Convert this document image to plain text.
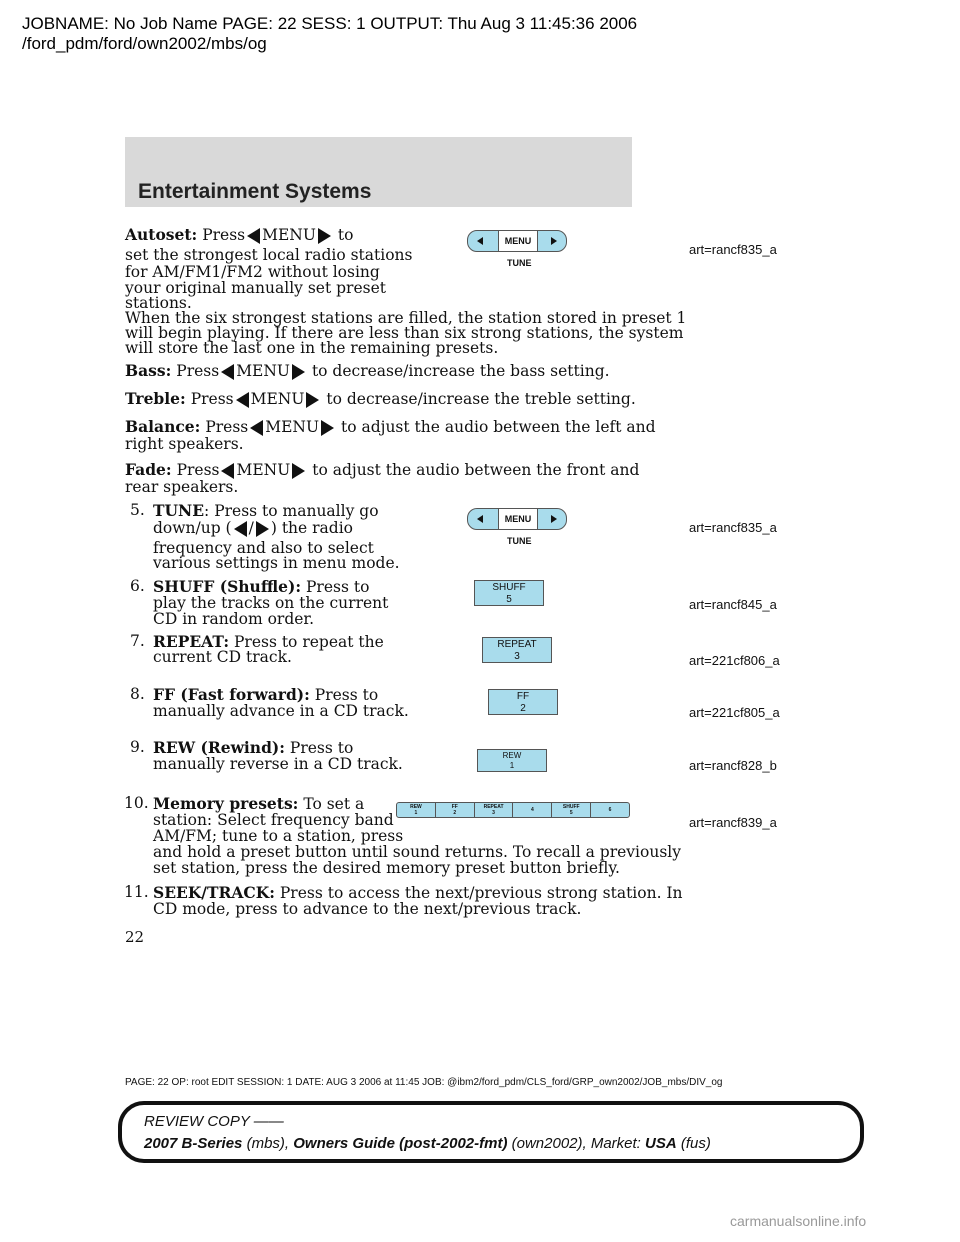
JOBNAME: No Job Name PAGE: 22 SESS: 1 OUTPUT: Thu Aug 3 11:45:36 2006
/ford_pdm/ford/own2002/mbs/og
Entertainment Systems
Autoset: Press MENU to
set the strongest local radio stations
for AM/FM1/FM2 without losing
your original manually set preset
stations.
When the six strongest stations are filled, the station stored in preset 1
will begin playing. If there are less than six strong stations, the system
will store the last one in the remaining presets.
MENU
TUNE
art=rancf835_a
Bass: Press MENU to decrease/increase the bass setting.
Treble: Press MENU to decrease/increase the treble setting.
Balance: Press MENU to adjust the audio between the left and
right speakers.
Fade: Press MENU to adjust the audio between the front and
rear speakers.
5. TUNE: Press to manually go
down/up ( / ) the radio
frequency and also to select
various settings in menu mode.
MENU
TUNE
art=rancf835_a
6. SHUFF (Shuffle): Press to
play the tracks on the current
CD in random order.
SHUFF
5	art=rancf845_a
7. REPEAT: Press to repeat the
current CD track.
REPEAT
3	art=221cf806_a
8. FF (Fast forward): Press to
manually advance in a CD track.
FF
2	art=221cf805_a
9. REW (Rewind): Press to
manually reverse in a CD track.	REW
1	art=rancf828_b
10. Memory presets: To set a
station: Select frequency band
AM/FM; tune to a station, press
and hold a preset button until sound returns. To recall a previously
set station, press the desired memory preset button briefly.
REW
1
FF
2
REPEAT
3	4	SHUFF
5	6
art=rancf839_a
11. SEEK/TRACK: Press to access the next/previous strong station. In
CD mode, press to advance to the next/previous track.
22
PAGE: 22 OP: root EDIT SESSION: 1 DATE: AUG 3 2006 at 11:45 JOB: @ibm2/ford_pdm/CLS_ford/GRP_own2002/JOB_mbs/DIV_og
REVIEW COPY ——
2007 B-Series (mbs), Owners Guide (post-2002-fmt) (own2002), Market: USA (fus)
carmanualsonline.info
